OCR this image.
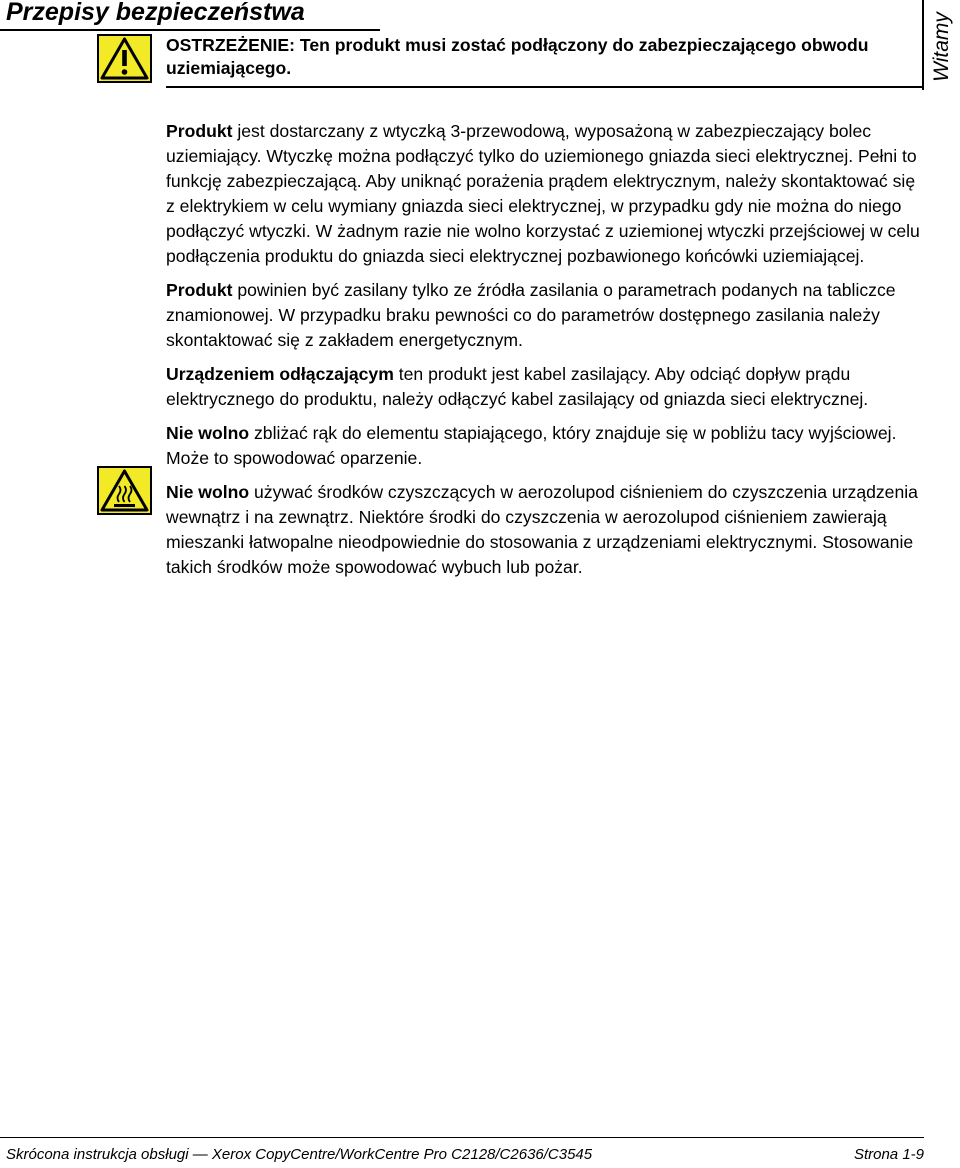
Przepisy bezpieczeństwa
Witamy
OSTRZEŻENIE: Ten produkt musi zostać podłączony do zabezpieczającego obwodu uziemiającego.

Produkt jest dostarczany z wtyczką 3-przewodową, wyposażoną w zabezpieczający bolec uziemiający. Wtyczkę można podłączyć tylko do uziemionego gniazda sieci elektrycznej. Pełni to funkcję zabezpieczającą. Aby uniknąć porażenia prądem elektrycznym, należy skontaktować się z elektrykiem w celu wymiany gniazda sieci elektrycznej, w przypadku gdy nie można do niego podłączyć wtyczki. W żadnym razie nie wolno korzystać z uziemionej wtyczki przejściowej w celu podłączenia produktu do gniazda sieci elektrycznej pozbawionego końcówki uziemiającej.

Produkt powinien być zasilany tylko ze źródła zasilania o parametrach podanych na tabliczce znamionowej. W przypadku braku pewności co do parametrów dostępnego zasilania należy skontaktować się z zakładem energetycznym.

Urządzeniem odłączającym ten produkt jest kabel zasilający. Aby odciąć dopływ prądu elektrycznego do produktu, należy odłączyć kabel zasilający od gniazda sieci elektrycznej.

Nie wolno zbliżać rąk do elementu stapiającego, który znajduje się w pobliżu tacy wyjściowej. Może to spowodować oparzenie.

Nie wolno używać środków czyszczących w aerozolupod ciśnieniem do czyszczenia urządzenia wewnątrz i na zewnątrz. Niektóre środki do czyszczenia w aerozolupod ciśnieniem zawierają mieszanki łatwopalne nieodpowiednie do stosowania z urządzeniami elektrycznymi. Stosowanie takich środków może spowodować wybuch lub pożar.

Skrócona instrukcja obsługi — Xerox CopyCentre/WorkCentre Pro C2128/C2636/C3545	Strona 1-9
